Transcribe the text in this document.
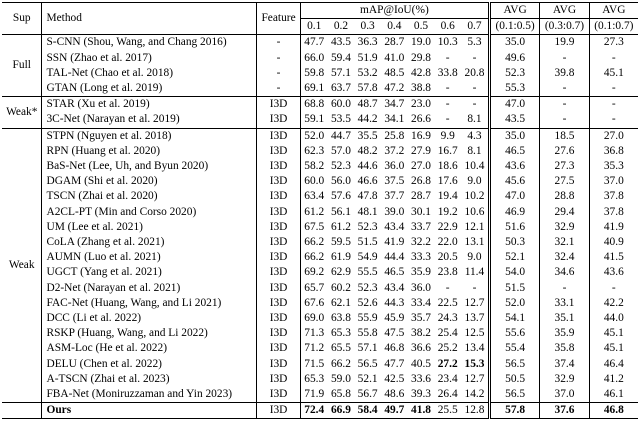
Sup	Method	Feature	mAP@IoU(%)							AVG	AVG	AVG
			0.1	0.2	0.3	0.4	0.5	0.6	0.7	(0.1:0.5)	(0.3:0.7)	(0.1:0.7)
Full	S-CNN (Shou, Wang, and Chang 2016)	-	47.7	43.5	36.3	28.7	19.0	10.3	5.3	35.0	19.9	27.3
	SSN (Zhao et al. 2017)	-	66.0	59.4	51.9	41.0	29.8	-	-	49.6	-	-
	TAL-Net (Chao et al. 2018)	-	59.8	57.1	53.2	48.5	42.8	33.8	20.8	52.3	39.8	45.1
	GTAN (Long et al. 2019)	-	69.1	63.7	57.8	47.2	38.8	-	-	55.3	-	-
Weak*	STAR (Xu et al. 2019)	I3D	68.8	60.0	48.7	34.7	23.0	-	-	47.0	-	-
	3C-Net (Narayan et al. 2019)	I3D	59.1	53.5	44.2	34.1	26.6	-	8.1	43.5	-	-
Weak	STPN (Nguyen et al. 2018)	I3D	52.0	44.7	35.5	25.8	16.9	9.9	4.3	35.0	18.5	27.0
	RPN (Huang et al. 2020)	I3D	62.3	57.0	48.2	37.2	27.9	16.7	8.1	46.5	27.6	36.8
	BaS-Net (Lee, Uh, and Byun 2020)	I3D	58.2	52.3	44.6	36.0	27.0	18.6	10.4	43.6	27.3	35.3
	DGAM (Shi et al. 2020)	I3D	60.0	56.0	46.6	37.5	26.8	17.6	9.0	45.6	27.5	37.0
	TSCN (Zhai et al. 2020)	I3D	63.4	57.6	47.8	37.7	28.7	19.4	10.2	47.0	28.8	37.8
	A2CL-PT (Min and Corso 2020)	I3D	61.2	56.1	48.1	39.0	30.1	19.2	10.6	46.9	29.4	37.8
	UM (Lee et al. 2021)	I3D	67.5	61.2	52.3	43.4	33.7	22.9	12.1	51.6	32.9	41.9
	CoLA (Zhang et al. 2021)	I3D	66.2	59.5	51.5	41.9	32.2	22.0	13.1	50.3	32.1	40.9
	AUMN (Luo et al. 2021)	I3D	66.2	61.9	54.9	44.4	33.3	20.5	9.0	52.1	32.4	41.5
	UGCT (Yang et al. 2021)	I3D	69.2	62.9	55.5	46.5	35.9	23.8	11.4	54.0	34.6	43.6
	D2-Net (Narayan et al. 2021)	I3D	65.7	60.2	52.3	43.4	36.0	-	-	51.5	-	-
	FAC-Net (Huang, Wang, and Li 2021)	I3D	67.6	62.1	52.6	44.3	33.4	22.5	12.7	52.0	33.1	42.2
	DCC (Li et al. 2022)	I3D	69.0	63.8	55.9	45.9	35.7	24.3	13.7	54.1	35.1	44.0
	RSKP (Huang, Wang, and Li 2022)	I3D	71.3	65.3	55.8	47.5	38.2	25.4	12.5	55.6	35.9	45.1
	ASM-Loc (He et al. 2022)	I3D	71.2	65.5	57.1	46.8	36.6	25.2	13.4	55.4	35.8	45.1
	DELU (Chen et al. 2022)	I3D	71.5	66.2	56.5	47.7	40.5	27.2	15.3	56.5	37.4	46.4
	A-TSCN (Zhai et al. 2023)	I3D	65.3	59.0	52.1	42.5	33.6	23.4	12.7	50.5	32.9	41.2
	FBA-Net (Moniruzzaman and Yin 2023)	I3D	71.9	65.8	56.7	48.6	39.3	26.4	14.2	56.5	37.0	46.1
	Ours	I3D	72.4	66.9	58.4	49.7	41.8	25.5	12.8	57.8	37.6	46.8
